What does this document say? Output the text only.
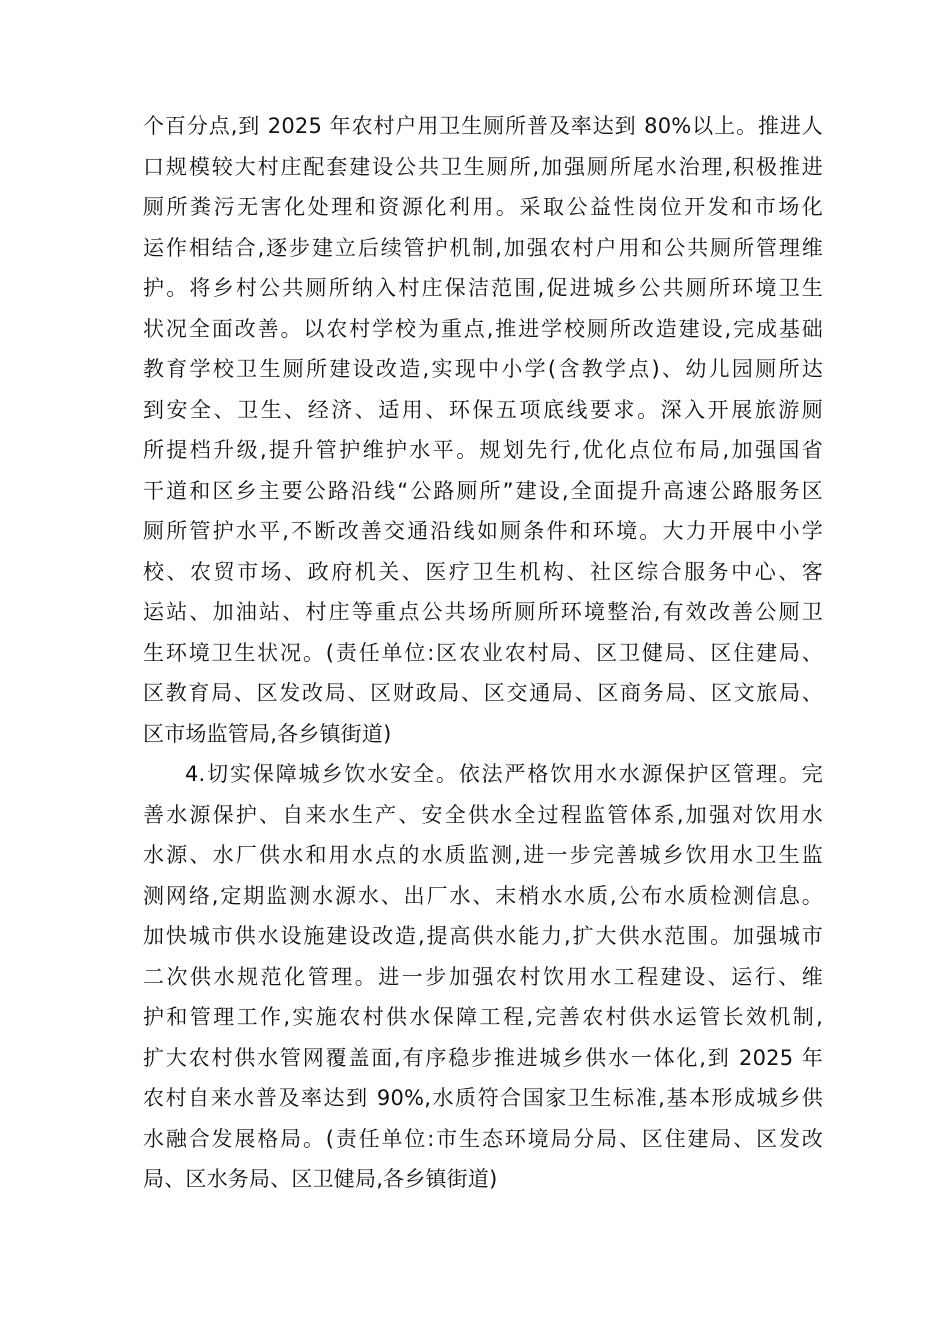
个百分点,到 2025 年农村户用卫生厕所普及率达到 80%以上。推进人
口规模较大村庄配套建设公共卫生厕所,加强厕所尾水治理,积极推进
厕所粪污无害化处理和资源化利用。采取公益性岗位开发和市场化
运作相结合,逐步建立后续管护机制,加强农村户用和公共厕所管理维
护。将乡村公共厕所纳入村庄保洁范围,促进城乡公共厕所环境卫生
状况全面改善。以农村学校为重点,推进学校厕所改造建设,完成基础
教育学校卫生厕所建设改造,实现中小学(含教学点)、幼儿园厕所达
到安全、卫生、经济、适用、环保五项底线要求。深入开展旅游厕
所提档升级,提升管护维护水平。规划先行,优化点位布局,加强国省
干道和区乡主要公路沿线“公路厕所”建设,全面提升高速公路服务区
厕所管护水平,不断改善交通沿线如厕条件和环境。大力开展中小学
校、农贸市场、政府机关、医疗卫生机构、社区综合服务中心、客
运站、加油站、村庄等重点公共场所厕所环境整治,有效改善公厕卫
生环境卫生状况。(责任单位:区农业农村局、区卫健局、区住建局、
区教育局、区发改局、区财政局、区交通局、区商务局、区文旅局、
区市场监管局,各乡镇街道)
4.切实保障城乡饮水安全。依法严格饮用水水源保护区管理。完
善水源保护、自来水生产、安全供水全过程监管体系,加强对饮用水
水源、水厂供水和用水点的水质监测,进一步完善城乡饮用水卫生监
测网络,定期监测水源水、出厂水、末梢水水质,公布水质检测信息。
加快城市供水设施建设改造,提高供水能力,扩大供水范围。加强城市
二次供水规范化管理。进一步加强农村饮用水工程建设、运行、维
护和管理工作,实施农村供水保障工程,完善农村供水运管长效机制,
扩大农村供水管网覆盖面,有序稳步推进城乡供水一体化,到 2025 年
农村自来水普及率达到 90%,水质符合国家卫生标准,基本形成城乡供
水融合发展格局。(责任单位:市生态环境局分局、区住建局、区发改
局、区水务局、区卫健局,各乡镇街道)
